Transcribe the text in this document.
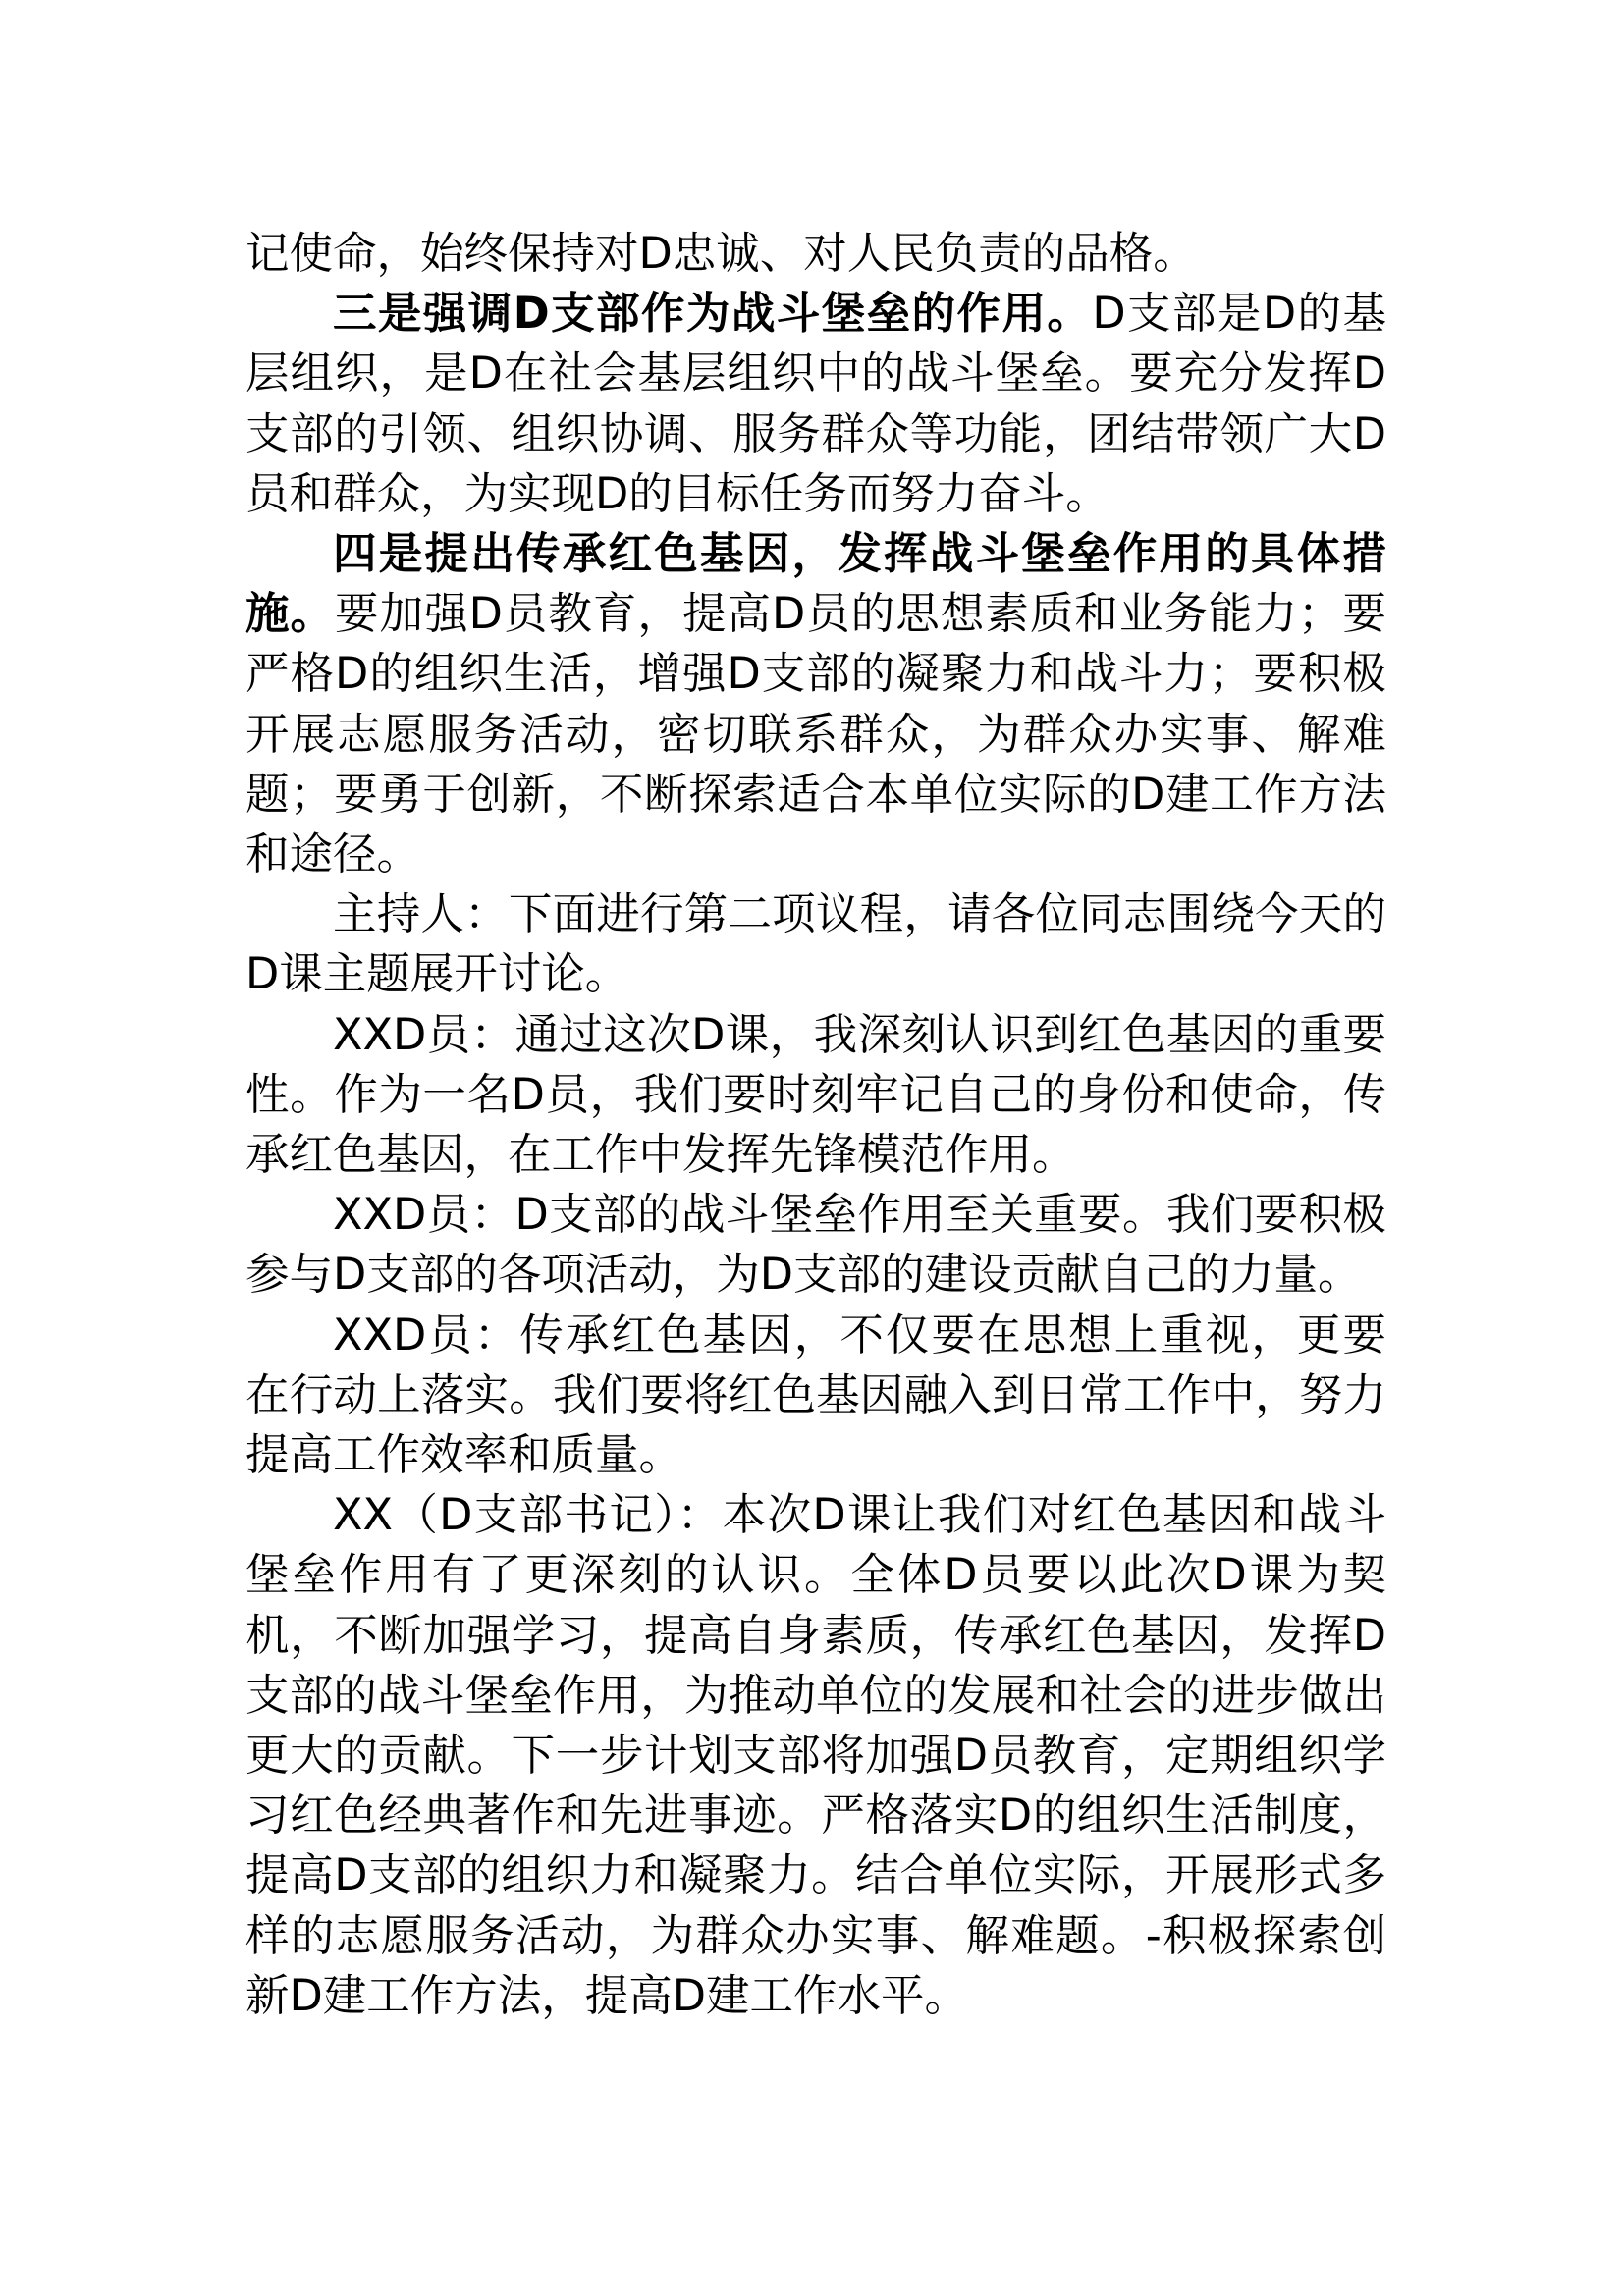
记使命，始终保持对D忠诚、对人民负责的品格。

三是强调D支部作为战斗堡垒的作用。D支部是D的基层组织，是D在社会基层组织中的战斗堡垒。要充分发挥D支部的引领、组织协调、服务群众等功能，团结带领广大D员和群众，为实现D的目标任务而努力奋斗。

四是提出传承红色基因，发挥战斗堡垒作用的具体措施。要加强D员教育，提高D员的思想素质和业务能力；要严格D的组织生活，增强D支部的凝聚力和战斗力；要积极开展志愿服务活动，密切联系群众，为群众办实事、解难题；要勇于创新，不断探索适合本单位实际的D建工作方法和途径。

主持人：下面进行第二项议程，请各位同志围绕今天的D课主题展开讨论。

XXD员：通过这次D课，我深刻认识到红色基因的重要性。作为一名D员，我们要时刻牢记自己的身份和使命，传承红色基因，在工作中发挥先锋模范作用。

XXD员：D支部的战斗堡垒作用至关重要。我们要积极参与D支部的各项活动，为D支部的建设贡献自己的力量。

XXD员：传承红色基因，不仅要在思想上重视，更要在行动上落实。我们要将红色基因融入到日常工作中，努力提高工作效率和质量。

XX（D支部书记）：本次D课让我们对红色基因和战斗堡垒作用有了更深刻的认识。全体D员要以此次D课为契机，不断加强学习，提高自身素质，传承红色基因，发挥D支部的战斗堡垒作用，为推动单位的发展和社会的进步做出更大的贡献。下一步计划支部将加强D员教育，定期组织学习红色经典著作和先进事迹。严格落实D的组织生活制度，提高D支部的组织力和凝聚力。结合单位实际，开展形式多样的志愿服务活动，为群众办实事、解难题。-积极探索创新D建工作方法，提高D建工作水平。
